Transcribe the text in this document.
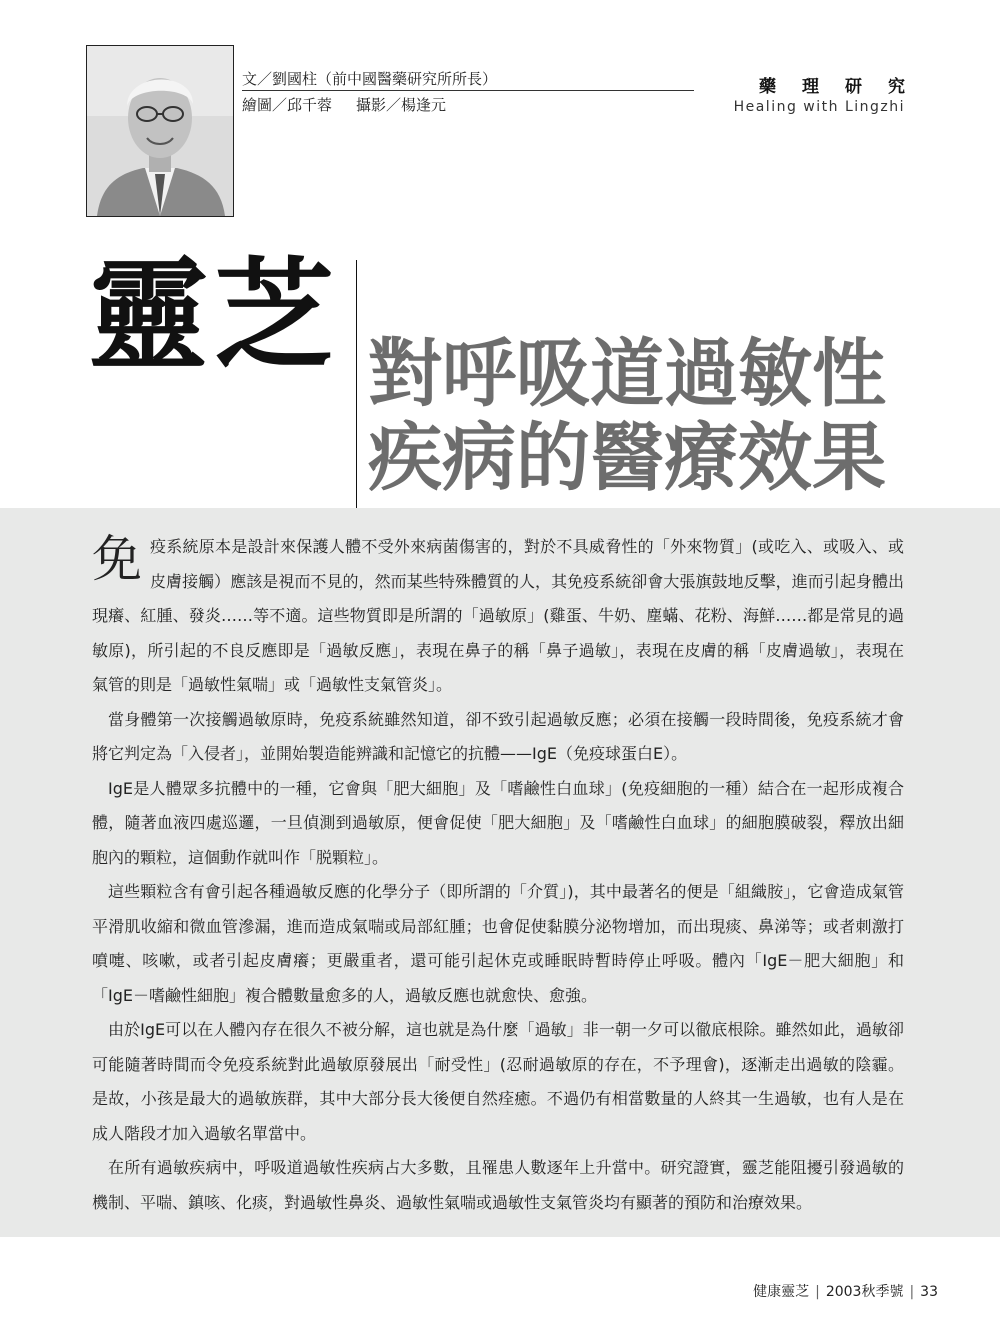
文／劉國柱（前中國醫藥研究所所長）
繪圖／邱千蓉 攝影／楊逢元
藥理研究
Healing with Lingzhi
靈芝 對呼吸道過敏性
疾病的醫療效果

免疫系統原本是設計來保護人體不受外來病菌傷害的，對於不具威脅性的「外來物質」(或吃入、或吸入、或皮膚接觸）應該是視而不見的，然而某些特殊體質的人，其免疫系統卻會大張旗鼓地反擊，進而引起身體出現癢、紅腫、發炎……等不適。這些物質即是所謂的「過敏原」(雞蛋、牛奶、塵蟎、花粉、海鮮……都是常見的過敏原)，所引起的不良反應即是「過敏反應」，表現在鼻子的稱「鼻子過敏」，表現在皮膚的稱「皮膚過敏」，表現在氣管的則是「過敏性氣喘」或「過敏性支氣管炎」。

當身體第一次接觸過敏原時，免疫系統雖然知道，卻不致引起過敏反應；必須在接觸一段時間後，免疫系統才會將它判定為「入侵者」，並開始製造能辨識和記憶它的抗體——IgE（免疫球蛋白E）。

IgE是人體眾多抗體中的一種，它會與「肥大細胞」及「嗜鹼性白血球」(免疫細胞的一種）結合在一起形成複合體，隨著血液四處巡邏，一旦偵測到過敏原，便會促使「肥大細胞」及「嗜鹼性白血球」的細胞膜破裂，釋放出細胞內的顆粒，這個動作就叫作「脱顆粒」。

這些顆粒含有會引起各種過敏反應的化學分子（即所謂的「介質」)，其中最著名的便是「組織胺」，它會造成氣管平滑肌收縮和微血管滲漏，進而造成氣喘或局部紅腫；也會促使黏膜分泌物增加，而出現痰、鼻涕等；或者刺激打噴嚏、咳嗽，或者引起皮膚癢；更嚴重者，還可能引起休克或睡眠時暫時停止呼吸。體內「IgE－肥大細胞」和「IgE－嗜鹼性細胞」複合體數量愈多的人，過敏反應也就愈快、愈強。

由於IgE可以在人體內存在很久不被分解，這也就是為什麼「過敏」非一朝一夕可以徹底根除。雖然如此，過敏卻可能隨著時間而令免疫系統對此過敏原發展出「耐受性」(忍耐過敏原的存在，不予理會)，逐漸走出過敏的陰霾。是故，小孩是最大的過敏族群，其中大部分長大後便自然痊癒。不過仍有相當數量的人終其一生過敏，也有人是在成人階段才加入過敏名單當中。

在所有過敏疾病中，呼吸道過敏性疾病占大多數，且罹患人數逐年上升當中。研究證實，靈芝能阻擾引發過敏的機制、平喘、鎮咳、化痰，對過敏性鼻炎、過敏性氣喘或過敏性支氣管炎均有顯著的預防和治療效果。

健康靈芝 | 2003秋季號 | 33
